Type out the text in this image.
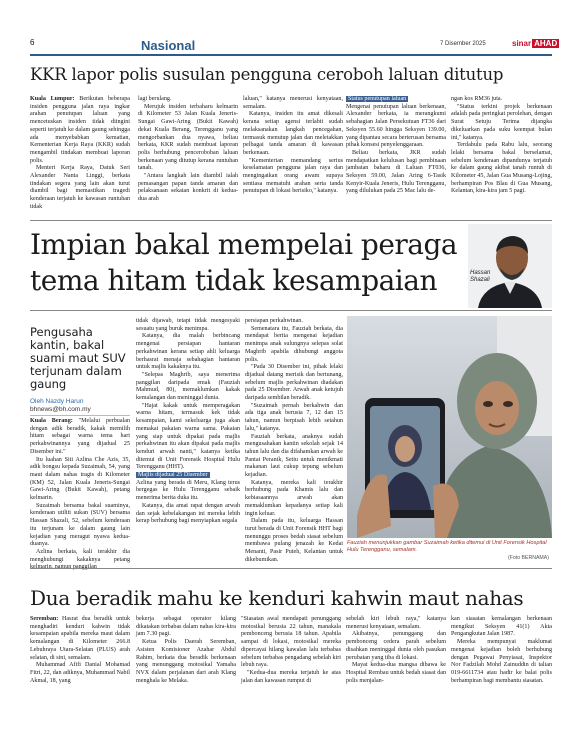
6	Nasional	7 Disember 2025	sinar AHAD
KKR lapor polis susulan pengguna ceroboh laluan ditutup

Kuala Lumpur: Berikutan beberapa insiden pengguna jalan raya ingkar arahan penutupan laluan yang mencetuskan insiden tidak diingini seperti terjatuh ke dalam gaung sehingga ada menyebabkan kematian, Kementerian Kerja Raya (KKR) sudah mengambil tindakan membuat laporan polis.

Menteri Kerja Raya, Datuk Seri Alexander Nanta Linggi, berkata tindakan segera yang lain akan turut diambil bagi memastikan tragedi kenderaan terjatuh ke kawasan runtuhan tidak

lagi berulang.

Merujuk insiden terbaharu kelmarin di Kilometer 53 Jalan Kuala Jeneris-Sungai Gawi-Aring (Bukit Kawah) dekat Kuala Berang, Terengganu yang mengorbankan dua nyawa, beliau berkata, KKR sudah membuat laporan polis berhubung penceroboban laluan berkenaan yang ditutup kerana runtuhan tanah.

"Antara langkah lain diambil ialah pemasangan papan tanda amaran dan pelaksanaan sekatan konkrit di kedua-dua arah

laluan," katanya menerusi kenyataan, semalam.

Katanya, insiden itu amat dikesali kerana setiap agensi terlabit sudah melaksanakan langkah pencegahan, termasuk menutup jalan dan meletakkan pelbagai tanda amaran di kawasan berkenaan.

"Kementerian memandang serius keselamatan pengguna jalan raya dan mengingatkan orang awam supaya sentiasa mematuhi arahan serta tanda penutupan di lokasi berisiko," katanya.

Status penutupan laluan

Mengenai penutupan laluan berkenaan, Alexander berkata, ia merangkumi sebahagian Jalan Persekutuan FT36 dari Seksyen 55.60 hingga Seksyen 139.00, yang dipantau secara berterusan bersama pihak konsesi penyelenggaraan.

Beliau berkata, JKR sudah mendapatkan kelulusan bagi pembinaan jambatan baharu di Laluan FT036, Seksyen 59.00, Jalan Aring 6-Tasik Kenyir-Kuala Jeneris, Hulu Terengganu, yang dilulukan pada 25 Mac lalu de-

ngan kos RM36 juta.

"Status terkini projek berkenaan adalah pada peringkat perolehan, dengan Surat Setuju Terima dijangka dikeluarkan pada suku keempat bulan ini," katanya.

Terdahulu pada Rabu lalu, seorang lelaki bersama bakal berselamat, sebelum kenderaan dipandunya terjatuh ke dalam gaung akibat tanah runtuh di Kilometer 45, Jalan Gua Musang-Lojing, berhampiran Pos Blau di Gua Musang, Kelantan, kira-kira jam 5 pagi.

Impian bakal mempelai peraga
tema hitam tidak kesampaian	Hassan
Shazali
Pengusaha kantin, bakal suami maut SUV terjunam dalam gaung
Oleh Nazdy Harun
bhnews@bh.com.my

Kuala Berang: "Melalui perbualan dengan adik beradik, kakak memilih hitam sebagai warna tema hari perkahwinannya yang dijadual 25 Disember ini."

Itu luahan Siti Azlina Che Azis, 35, adik bongsu kepada Suzaimah, 54, yang maut dalam nahas tragis di Kilometer (KM) 52, Jalan Kuala Jeneris-Sungai Gawi-Aring (Bukit Kawah), petang kelmarin.

Suzaimah bersama bakal suaminya, kenderaan utiliti sukan (SUV) bersama Hassan Shazali, 52, sebelum kenderaan itu terjunam ke dalam gaung lain kejadian yang meragut nyawa kedua-duanya.

Azlina berkata, kali terakhir dia menghubungi kakaknya petang

tidak dijawab, tetapi tidak mengesyaki sesuatu yang buruk menimpa.

Katanya, dia malah berbincang mengenai persiapan hantaran perkahwinan kerana setiap ahli keluarga berhasrat menaja sebahagian hantaran untuk majlis kakaknya itu.

"Selepas Maghrib, saya menerima panggilan daripada emak (Fauziah Mahmud, 80), memaklumkan kakak kemalangan dan meninggal dunia.

"Hajat kakak untuk memperagakan warna hitam, termasuk kek tidak kesampaian, kami sekeluarga juga akan memakai pakaian warna sama. Pakaian yang siap untuk dipakai pada majlis perkahwinan itu akan dipakai pada majlis kenduri arwah nanti," katanya ketika ditemui di Unit Forensik Hospital Hulu Terengganu (HHT).

Majlis dijadual 25 Disember

Azlina yang berada di Meru, Klang terus bergegas ke Hulu Terengganu sebaik menerima berita duka itu.

Katanya, dia amat rapat dengan arwah dan sejak kebelakangan ini mereka lebih kerap berhubung bagi menyiapkan segala

persiapan perkahwinan.

Semenatara itu, Fauziah berkata, dia mendapat berita mengenai kejadian menimpa anak sulungnya selepas solat Maghrib apabila dihubungi anggota polis.

"Pada 30 Disember ini, pihak lelaki dijadual datang merisik dan bertunang, sebelum majlis perkahwinan diadakan pada 25 Disember. Arwah anak ketujuh daripada sembilan beradik.

"Suzaimah pernah berkahwin dan ada tiga anak berusia 7, 12 dan 15 tahun, namun berpisah lebih setahun lalu," katanya.

Fauziah berkata, anaknya sudah mengusahakan kantin sekolah sejak 14 tahun lalu dan dia difahamkan arwah ke Pantai Peranik, Setiu untuk menikmati makanan laut cukup tepung sebelum kejadian.

Katanya, mereka kali terakhir berhubung pada Khamis lalu dan kebiasaannya arwah akan memaklumkan kepadanya setiap kali ingin keluar.

Dalam pada itu, keluarga Hassan turut berada di Unit Forensik HHT bagi menunggu proses bedah siasat sebelum membawa pulang jenazah ke Kedai Menanti, Pasir Puteh, Kelantan untuk dikebumikan.

Fauziah menunjukkan gambar Suzaimah ketika ditemui di Unit Forensik Hospital Hulu Terengganu, semalam.
(Foto BERNAMA)
Dua beradik mahu ke kenduri kahwin maut nahas

Seremban: Hasrat dua beradik untuk menghadiri kenduri kahwin tidak kesampaian apabila mereka maut dalam kemalangan di Kilometer 266.8 Lebuhraya Utara-Selatan (PLUS) arah selatan, di sini, semalam.

Muhammad Afifi Danial Mohamad Fitri, 22, dan adiknya, Muhammad Nabil Akmal, 18, yang

bekerja sebagai operator kilang dikatakan terbabas dalam nahas kira-kira jam 7.30 pagi.

Ketua Polis Daerah Seremban, Asisten Komisioner Azahar Abdul Rahim, berkata dua beradik berkenaan yang menunggang motosikal Yamaha NVX dalam perjalanan dari arah Klang menghala ke Melaka.

"Siasatan awal mendapati penunggang motosikal berusia 22 tahun, manakala pembonceng berusia 18 tahun. Apabila sampai di lokasi, motosikal mereka dipercayai hilang kawalan lalu terbabas sebelum terbabas pengadang sebelah kiri lebuh raya.

"Kedua-dua mereka terjatuh ke atas jalan dan kawasan rumput di

sebelah kiri lebuh raya," katanya menerusi kenyataan, semalam.

Akibatnya, penunggang dan pembonceng cedera parah sebelum disahkan meninggal dunia oleh pasukan perubatan yang tiba di lokasi.

Mayat kedua-dua mangsa dibawa ke Hospital Rembau untuk bedah siasat dan polis menjalan-

kan siasatan kemalangan berkenaan mengikut Seksyen 41(1) Akta Pengangkutan Jalan 1987.

Mereka mempunyai maklumat mengenai kejadian boleh berhubung dengan Pegawai Penyiasat, Inspektor Nor Fadzilah Mohd Zainuddin di talian 019-6611734 atau hadir ke balai polis berhampiran bagi membantu siasatan.
